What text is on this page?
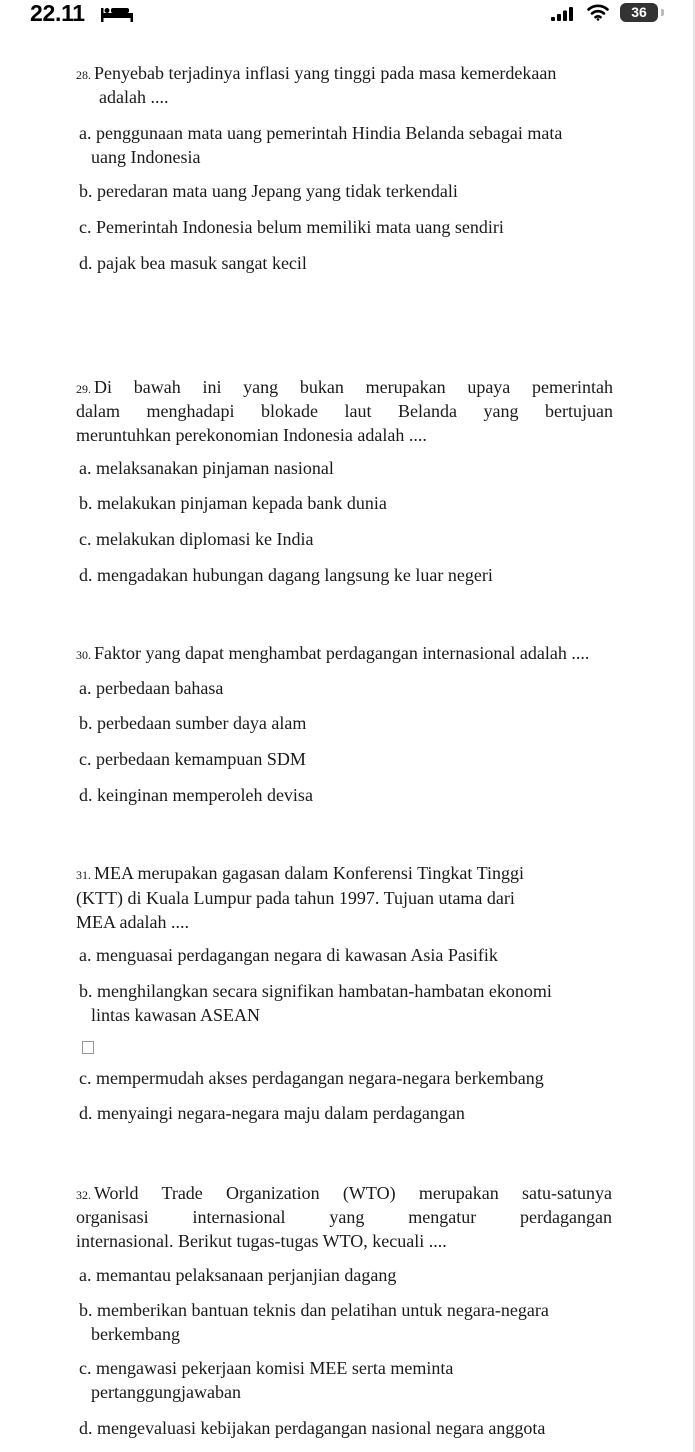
22.11	36

28. Penyebab terjadinya inflasi yang tinggi pada masa kemerdekaan

adalah ....

a. penggunaan mata uang pemerintah Hindia Belanda sebagai mata

uang Indonesia

b. peredaran mata uang Jepang yang tidak terkendali

c. Pemerintah Indonesia belum memiliki mata uang sendiri

d. pajak bea masuk sangat kecil

29. Di bawah ini yang bukan merupakan upaya pemerintah

dalam menghadapi blokade laut Belanda yang bertujuan

meruntuhkan perekonomian Indonesia adalah ....

a. melaksanakan pinjaman nasional

b. melakukan pinjaman kepada bank dunia

c. melakukan diplomasi ke India

d. mengadakan hubungan dagang langsung ke luar negeri

30. Faktor yang dapat menghambat perdagangan internasional adalah ....

a. perbedaan bahasa

b. perbedaan sumber daya alam

c. perbedaan kemampuan SDM

d. keinginan memperoleh devisa

31. MEA merupakan gagasan dalam Konferensi Tingkat Tinggi

(KTT) di Kuala Lumpur pada tahun 1997. Tujuan utama dari

MEA adalah ....

a. menguasai perdagangan negara di kawasan Asia Pasifik

b. menghilangkan secara signifikan hambatan-hambatan ekonomi

lintas kawasan ASEAN

c. mempermudah akses perdagangan negara-negara berkembang

d. menyaingi negara-negara maju dalam perdagangan

32. World Trade Organization (WTO) merupakan satu-satunya

organisasi internasional yang mengatur perdagangan

internasional. Berikut tugas-tugas WTO, kecuali ....

a. memantau pelaksanaan perjanjian dagang

b. memberikan bantuan teknis dan pelatihan untuk negara-negara

berkembang

c. mengawasi pekerjaan komisi MEE serta meminta

pertanggungjawaban

d. mengevaluasi kebijakan perdagangan nasional negara anggota
